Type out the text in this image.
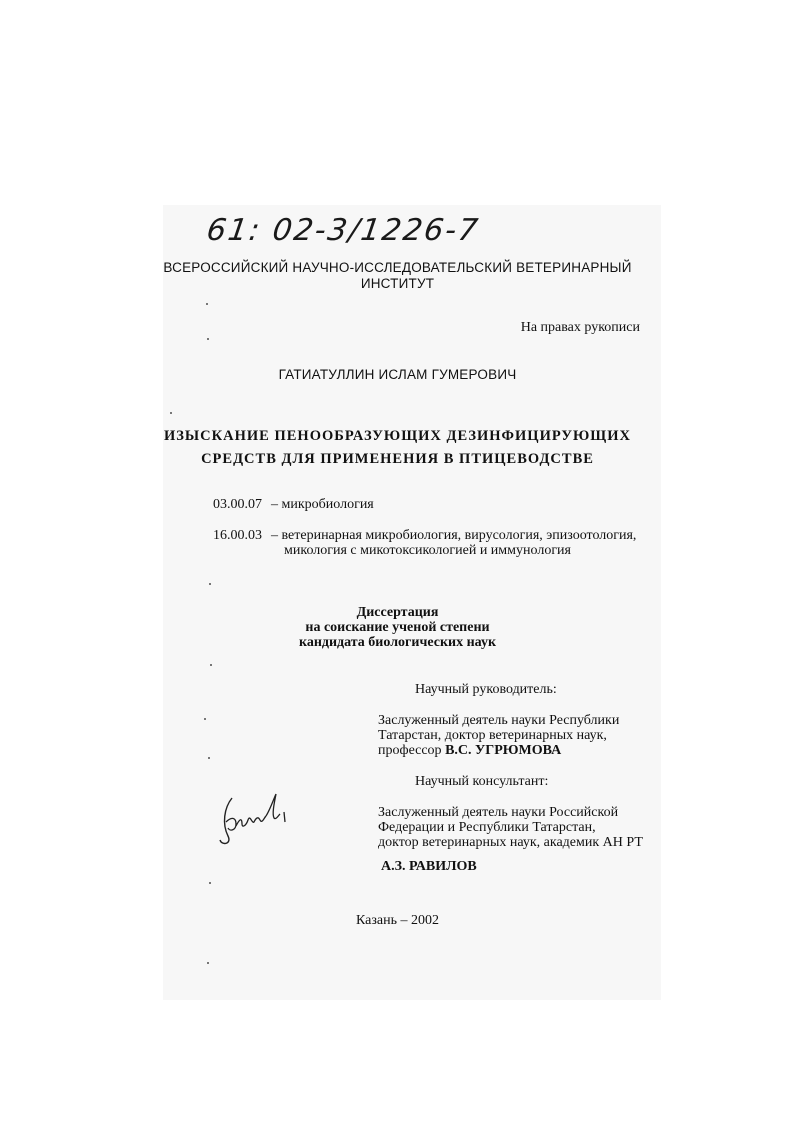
61: 02-3/1226-7
ВСЕРОССИЙСКИЙ НАУЧНО-ИССЛЕДОВАТЕЛЬСКИЙ ВЕТЕРИНАРНЫЙ
ИНСТИТУТ
На правах рукописи
ГАТИАТУЛЛИН ИСЛАМ ГУМЕРОВИЧ
ИЗЫСКАНИЕ ПЕНООБРАЗУЮЩИХ ДЕЗИНФИЦИРУЮЩИХ
СРЕДСТВ ДЛЯ ПРИМЕНЕНИЯ В ПТИЦЕВОДСТВЕ
03.00.07 – микробиология
16.00.03 – ветеринарная микробиология, вирусология, эпизоотология,
микология с микотоксикологией и иммунология
Диссертация
на соискание ученой степени
кандидата биологических наук
Научный руководитель:
Заслуженный деятель науки Республики
Татарстан, доктор ветеринарных наук,
профессор В.С. УГРЮМОВА
Научный консультант:
Заслуженный деятель науки Российской
Федерации и Республики Татарстан,
доктор ветеринарных наук, академик АН РТ
А.З. РАВИЛОВ
Казань – 2002
